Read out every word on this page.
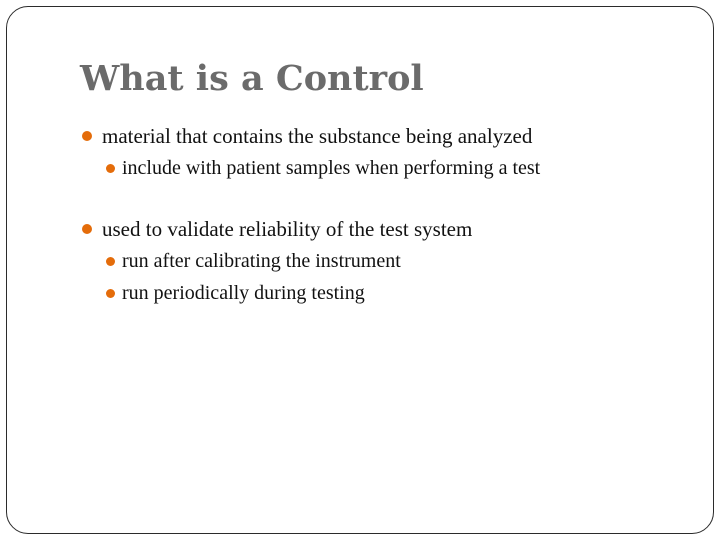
What is a Control
material that contains the substance being analyzed
include with patient samples when performing a test
used to validate reliability of the test system
run after calibrating the instrument
run periodically during testing
